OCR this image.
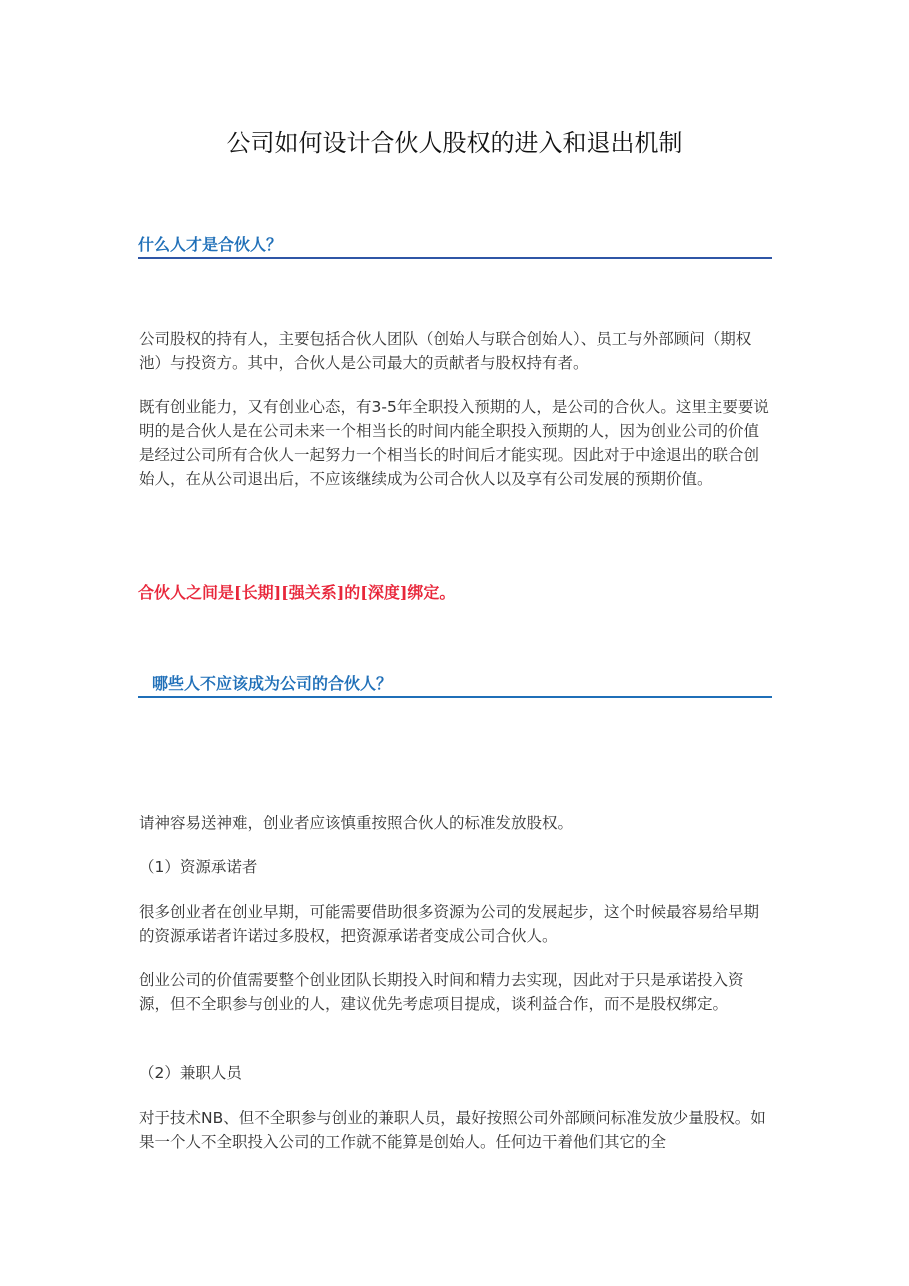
公司如何设计合伙人股权的进入和退出机制
什么人才是合伙人？
公司股权的持有人，主要包括合伙人团队（创始人与联合创始人）、员工与外部顾问（期权池）与投资方。其中，合伙人是公司最大的贡献者与股权持有者。
既有创业能力，又有创业心态，有3-5年全职投入预期的人，是公司的合伙人。这里主要要说明的是合伙人是在公司未来一个相当长的时间内能全职投入预期的人，因为创业公司的价值是经过公司所有合伙人一起努力一个相当长的时间后才能实现。因此对于中途退出的联合创始人，在从公司退出后，不应该继续成为公司合伙人以及享有公司发展的预期价值。
合伙人之间是[长期][强关系]的[深度]绑定。
哪些人不应该成为公司的合伙人？
请神容易送神难，创业者应该慎重按照合伙人的标准发放股权。
（1）资源承诺者
很多创业者在创业早期，可能需要借助很多资源为公司的发展起步，这个时候最容易给早期的资源承诺者许诺过多股权，把资源承诺者变成公司合伙人。
创业公司的价值需要整个创业团队长期投入时间和精力去实现，因此对于只是承诺投入资源，但不全职参与创业的人，建议优先考虑项目提成，谈利益合作，而不是股权绑定。
（2）兼职人员
对于技术NB、但不全职参与创业的兼职人员，最好按照公司外部顾问标准发放少量股权。如果一个人不全职投入公司的工作就不能算是创始人。任何边干着他们其它的全
